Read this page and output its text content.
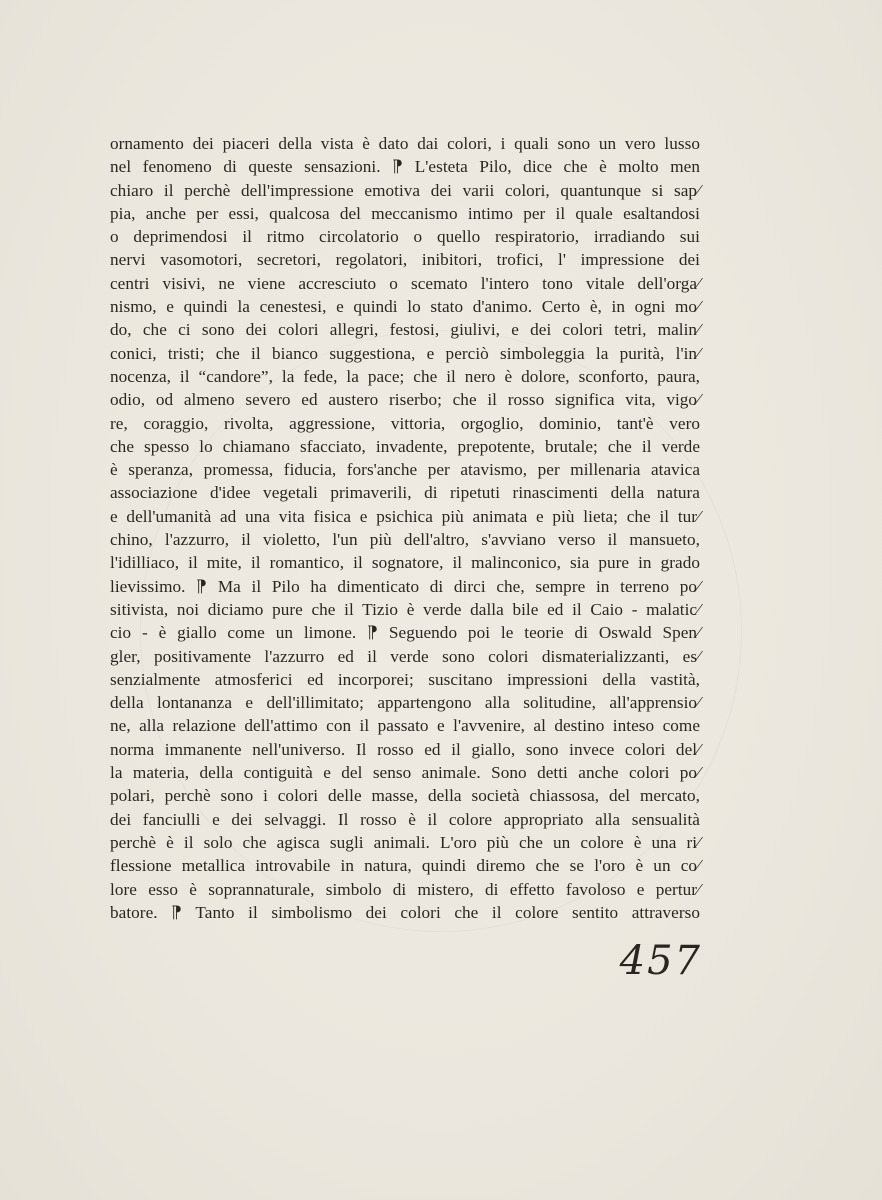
ornamento dei piaceri della vista è dato dai colori, i quali sono un vero lusso
nel fenomeno di queste sensazioni. ⁋ L'esteta Pilo, dice che è molto men
chiaro il perchè dell'impressione emotiva dei varii colori, quantunque si sap⁄
pia, anche per essi, qualcosa del meccanismo intimo per il quale esaltandosi
o deprimendosi il ritmo circolatorio o quello respiratorio, irradiando sui
nervi vasomotori, secretori, regolatori, inibitori, trofici, l' impressione dei
centri visivi, ne viene accresciuto o scemato l'intero tono vitale dell'orga⁄
nismo, e quindi la cenestesi, e quindi lo stato d'animo. Certo è, in ogni mo⁄
do, che ci sono dei colori allegri, festosi, giulivi, e dei colori tetri, malin⁄
conici, tristi; che il bianco suggestiona, e perciò simboleggia la purità, l'in⁄
nocenza, il “candore”, la fede, la pace; che il nero è dolore, sconforto, paura,
odio, od almeno severo ed austero riserbo; che il rosso significa vita, vigo⁄
re, coraggio, rivolta, aggressione, vittoria, orgoglio, dominio, tant'è vero
che spesso lo chiamano sfacciato, invadente, prepotente, brutale; che il verde
è speranza, promessa, fiducia, fors'anche per atavismo, per millenaria atavica
associazione d'idee vegetali primaverili, di ripetuti rinascimenti della natura
e dell'umanità ad una vita fisica e psichica più animata e più lieta; che il tur⁄
chino, l'azzurro, il violetto, l'un più dell'altro, s'avviano verso il mansueto,
l'idilliaco, il mite, il romantico, il sognatore, il malinconico, sia pure in grado
lievissimo. ⁋ Ma il Pilo ha dimenticato di dirci che, sempre in terreno po⁄
sitivista, noi diciamo pure che il Tizio è verde dalla bile ed il Caio - malatic⁄
cio - è giallo come un limone. ⁋ Seguendo poi le teorie di Oswald Spen⁄
gler, positivamente l'azzurro ed il verde sono colori dismaterializzanti, es⁄
senzialmente atmosferici ed incorporei; suscitano impressioni della vastità,
della lontananza e dell'illimitato; appartengono alla solitudine, all'apprensio⁄
ne, alla relazione dell'attimo con il passato e l'avvenire, al destino inteso come
norma immanente nell'universo. Il rosso ed il giallo, sono invece colori del⁄
la materia, della contiguità e del senso animale. Sono detti anche colori po⁄
polari, perchè sono i colori delle masse, della società chiassosa, del mercato,
dei fanciulli e dei selvaggi. Il rosso è il colore appropriato alla sensualità
perchè è il solo che agisca sugli animali. L'oro più che un colore è una ri⁄
flessione metallica introvabile in natura, quindi diremo che se l'oro è un co⁄
lore esso è soprannaturale, simbolo di mistero, di effetto favoloso e pertur⁄
batore. ⁋ Tanto il simbolismo dei colori che il colore sentito attraverso
457
